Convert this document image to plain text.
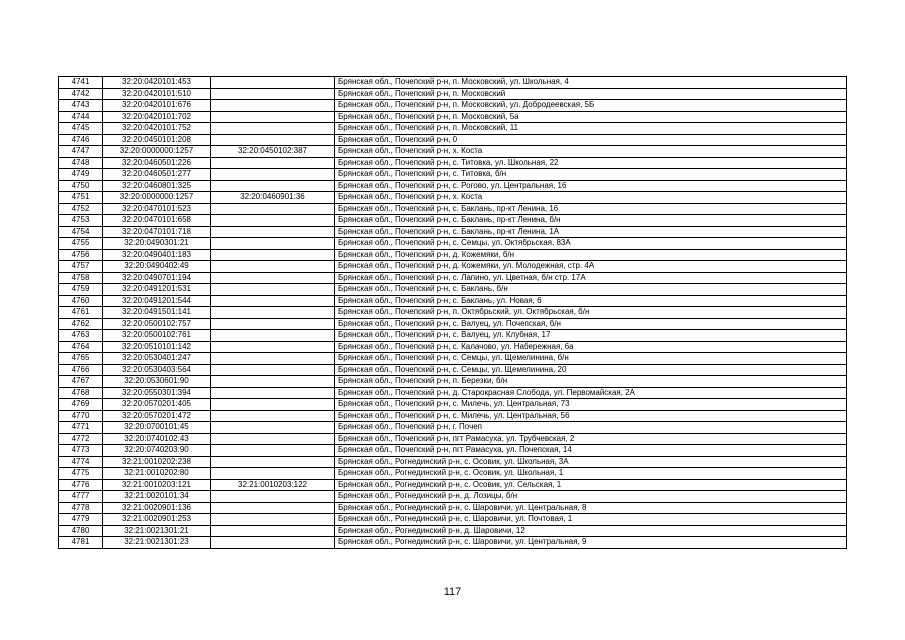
4741	32:20:0420101:453		Брянская обл., Почепский р-н, п. Московский, ул. Школьная, 4
4742	32:20:0420101:510		Брянская обл., Почепский р-н, п. Московский
4743	32:20:0420101:676		Брянская обл., Почепский р-н, п. Московский, ул. Добродеевская, 5Б
4744	32:20:0420101:702		Брянская обл., Почепский р-н, п. Московский, 5а
4745	32:20:0420101:752		Брянская обл., Почепский р-н, п. Московский, 11
4746	32:20:0450101:208		Брянская обл., Почепский р-н, 0
4747	32:20:0000000:1257	32:20:0450102:387	Брянская обл., Почепский р-н, х. Коста
4748	32:20:0460501:226		Брянская обл., Почепский р-н, с. Титовка, ул. Школьная, 22
4749	32:20:0460501:277		Брянская обл., Почепский р-н, с. Титовка, б/н
4750	32:20:0460801:325		Брянская обл., Почепский р-н, с. Рогово, ул. Центральная, 16
4751	32:20:0000000:1257	32:20:0460901:36	Брянская обл., Почепский р-н, х. Коста
4752	32:20:0470101:523		Брянская обл., Почепский р-н, с. Баклань, пр-кт Ленина, 16
4753	32:20:0470101:658		Брянская обл., Почепский р-н, с. Баклань, пр-кт Ленина, б/н
4754	32:20:0470101:718		Брянская обл., Почепский р-н, с. Баклань, пр-кт Ленина, 1А
4755	32:20:0490301:21		Брянская обл., Почепский р-н, с. Семцы, ул. Октябрьская, 83А
4756	32:20:0490401:183		Брянская обл., Почепский р-н, д. Кожемяки, б/н
4757	32:20:0490402:49		Брянская обл., Почепский р-н, д. Кожемяки, ул. Молодежная, стр. 4А
4758	32:20:0490701:194		Брянская обл., Почепский р-н, с. Лапино, ул. Цветная, б/н стр. 17А
4759	32:20:0491201:531		Брянская обл., Почепский р-н, с. Баклань, б/н
4760	32:20:0491201:544		Брянская обл., Почепский р-н, с. Баклань, ул. Новая, 6
4761	32:20:0491501:141		Брянская обл., Почепский р-н, п. Октябрьский, ул. Октябрьская, б/н
4762	32:20:0500102:757		Брянская обл., Почепский р-н, с. Валуец, ул. Почепская, б/н
4763	32:20:0500102:761		Брянская обл., Почепский р-н, с. Валуец, ул. Клубная, 17
4764	32:20:0510101:142		Брянская обл., Почепский р-н, с. Калачово, ул. Набережная, 6а
4765	32:20:0530401:247		Брянская обл., Почепский р-н, с. Семцы, ул. Щемелинина, б/н
4766	32:20:0530403:564		Брянская обл., Почепский р-н, с. Семцы, ул. Щемелинина, 20
4767	32:20:0530601:90		Брянская обл., Почепский р-н, п. Березки, б/н
4768	32:20:0550301:394		Брянская обл., Почепский р-н, д. Старокрасная Слобода, ул. Первомайская, 2А
4769	32:20:0570201:405		Брянская обл., Почепский р-н, с. Милечь, ул. Центральная, 73
4770	32:20:0570201:472		Брянская обл., Почепский р-н, с. Милечь, ул. Центральная, 56
4771	32:20:0700101:45		Брянская обл., Почепский р-н, г. Почеп
4772	32:20:0740102:43		Брянская обл., Почепский р-н, пгт Рамасуха, ул. Трубчевская, 2
4773	32:20:0740203:90		Брянская обл., Почепский р-н, пгт Рамасуха, ул. Почепская, 14
4774	32:21:0010202:238		Брянская обл., Рогнединский р-н, с. Осовик, ул. Школьная, 3А
4775	32:21:0010202:80		Брянская обл., Рогнединский р-н, с. Осовик, ул. Школьная, 1
4776	32:21:0010203:121	32:21:0010203:122	Брянская обл., Рогнединский р-н, с. Осовик, ул. Сельская, 1
4777	32:21:0020101:34		Брянская обл., Рогнединский р-н, д. Лозицы, б/н
4778	32:21:0020901:136		Брянская обл., Рогнединский р-н, с. Шаровичи, ул. Центральная, 8
4779	32:21:0020901:253		Брянская обл., Рогнединский р-н, с. Шаровичи, ул. Почтовая, 1
4780	32:21:0021301:21		Брянская обл., Рогнединский р-н, д. Шаровичи, 12
4781	32:21:0021301:23		Брянская обл., Рогнединский р-н, с. Шаровичи, ул. Центральная, 9
117
